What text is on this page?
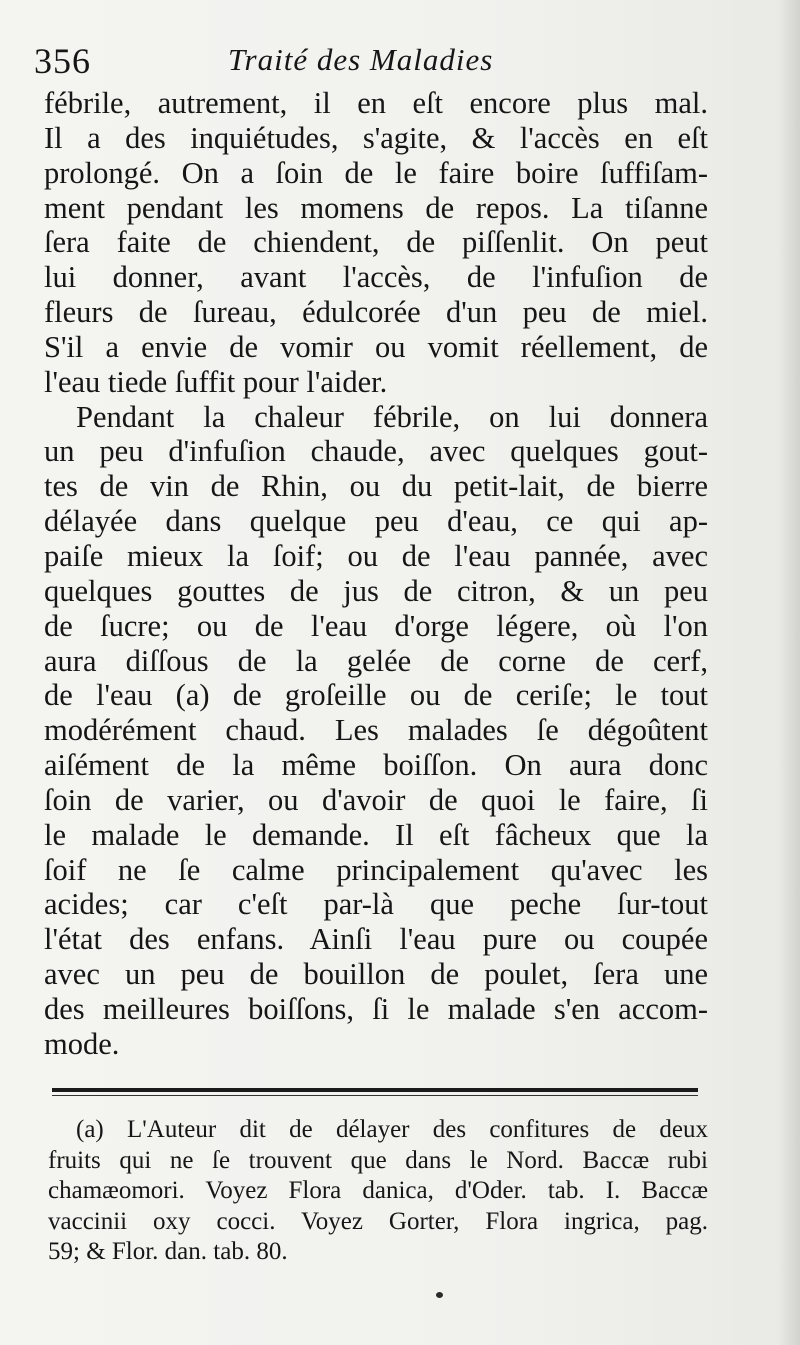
356	Traité des Maladies
fébrile, autrement, il en eſt encore plus mal.
Il a des inquiétudes, s'agite, & l'accès en eſt
prolongé. On a ſoin de le faire boire ſuffiſam-
ment pendant les momens de repos. La tiſanne
ſera faite de chiendent, de piſſenlit. On peut
lui donner, avant l'accès, de l'infuſion de
fleurs de ſureau, édulcorée d'un peu de miel.
S'il a envie de vomir ou vomit réellement, de
l'eau tiede ſuffit pour l'aider.
Pendant la chaleur fébrile, on lui donnera
un peu d'infuſion chaude, avec quelques gout-
tes de vin de Rhin, ou du petit-lait, de bierre
délayée dans quelque peu d'eau, ce qui ap-
paiſe mieux la ſoif; ou de l'eau pannée, avec
quelques gouttes de jus de citron, & un peu
de ſucre; ou de l'eau d'orge légere, où l'on
aura diſſous de la gelée de corne de cerf,
de l'eau (a) de groſeille ou de ceriſe; le tout
modérément chaud. Les malades ſe dégoûtent
aiſément de la même boiſſon. On aura donc
ſoin de varier, ou d'avoir de quoi le faire, ſi
le malade le demande. Il eſt fâcheux que la
ſoif ne ſe calme principalement qu'avec les
acides; car c'eſt par-là que peche ſur-tout
l'état des enfans. Ainſi l'eau pure ou coupée
avec un peu de bouillon de poulet, ſera une
des meilleures boiſſons, ſi le malade s'en accom-
mode.
(a) L'Auteur dit de délayer des confitures de deux
fruits qui ne ſe trouvent que dans le Nord. Baccæ rubi
chamæomori. Voyez Flora danica, d'Oder. tab. I. Baccæ
vaccinii oxy cocci. Voyez Gorter, Flora ingrica, pag.
59; & Flor. dan. tab. 80.
